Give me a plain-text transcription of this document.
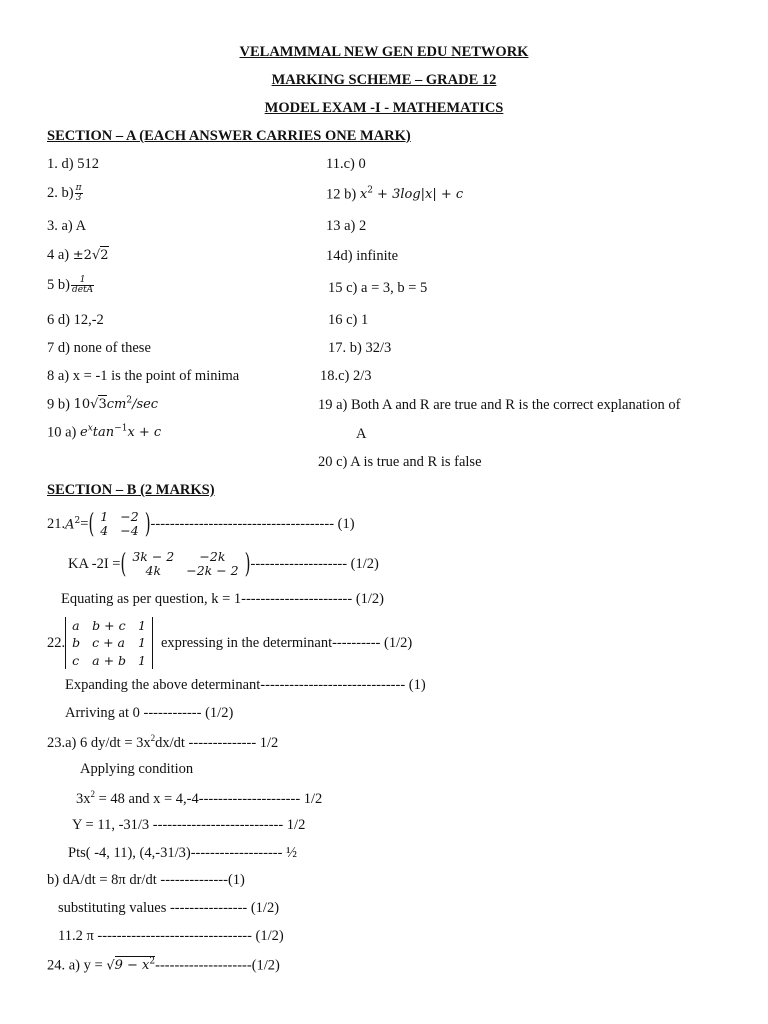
VELAMMMAL NEW GEN EDU NETWORK
MARKING SCHEME – GRADE 12
MODEL EXAM -I - MATHEMATICS
SECTION – A (EACH ANSWER CARRIES ONE MARK)
1. d) 512	11.c) 0
2. $b) \frac{\pi}{3}$	12 b) $x^2 + 3\log|x| + c$
3. a) A	13 a) 2
4 a) ±2√2	14d) infinite
5 $b) \frac{1}{\det A}$	15 c) a = 3, b = 5
6 d) 12,-2	16 c) 1
7 d) none of these	17. b) 32/3
8 a) x = -1 is the point of minima	18.c) 2/3
9 b) $10√3cm^2/\sec$	19 a) Both A and R are true and R is the correct explanation of
10 a) $e^x\tan^{-1}x + c$	A
20 c) A is true and R is false
SECTION – B (2 MARKS)
21. $A^2$ = ( 1	−2
4	−4 ) -------------------------------------- (1)
KA -2I = ( 3k − 2	−2k
4k	−2k − 2 ) -------------------- (1/2)
Equating as per question, k = 1----------------------- (1/2)
22.
a	b + c	1
b	c + a	1
c	a + b	1
expressing in the determinant---------- (1/2)
Expanding the above determinant------------------------------ (1)
Arriving at 0 ------------ (1/2)
23.a) 6 $dy/dt = 3x^2dx/dt$ -------------- 1/2
Applying condition
$3x^2 = 48$ and x = 4,-4--------------------- 1/2
Y = 11, -31/3 --------------------------- 1/2
Pts( -4, 11), (4,-31/3)------------------- ½
b) dA/dt = 8π dr/dt --------------(1)
substituting values ---------------- (1/2)
11.2 π -------------------------------- (1/2)
24. a) $y = √9 - x^2--------------------(1/2)$
